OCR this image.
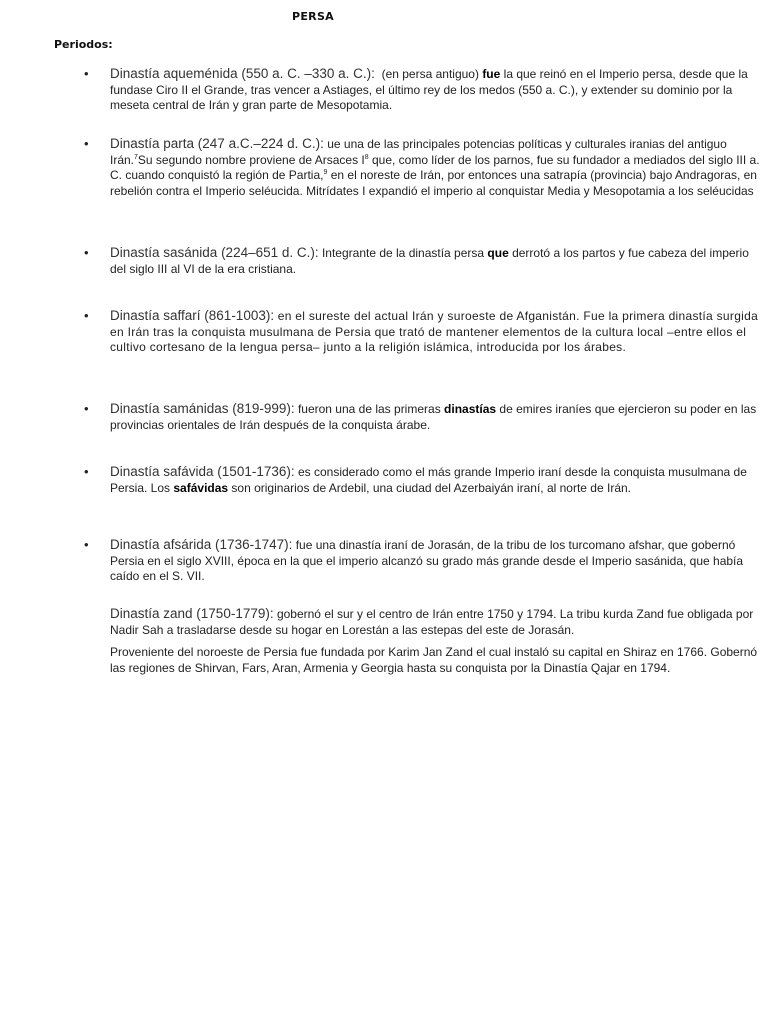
PERSA
Periodos:
• Dinastía aqueménida (550 a. C. –330 a. C.): (en persa antiguo) fue la que reinó en el Imperio persa, desde que la fundase Ciro II el Grande, tras vencer a Astiages, el último rey de los medos (550 a. C.), y extender su dominio por la meseta central de Irán y gran parte de Mesopotamia.
• Dinastía parta (247 a.C.–224 d. C.): ue una de las principales potencias políticas y culturales iranias del antiguo Irán.$^7$Su segundo nombre proviene de Arsaces $I^8$ que, como líder de los parnos, fue su fundador a mediados del siglo III a. C. cuando conquistó la región de Partia,$^9$ en el noreste de Irán, por entonces una satrapía (provincia) bajo Andragoras, en rebelión contra el Imperio seléucida. Mitrídates I expandió el imperio al conquistar Media y Mesopotamia a los seléucidas
• Dinastía sasánida (224–651 d. C.): Integrante de la dinastía persa que derrotó a los partos y fue cabeza del imperio del siglo III al VI de la era cristiana.
• Dinastía saffarí (861-1003): en el sureste del actual Irán y suroeste de Afganistán. Fue la primera dinastía surgida en Irán tras la conquista musulmana de Persia que trató de mantener elementos de la cultura local –entre ellos el cultivo cortesano de la lengua persa– junto a la religión islámica, introducida por los árabes.
• Dinastía samánidas (819-999): fueron una de las primeras dinastías de emires iraníes que ejercieron su poder en las provincias orientales de Irán después de la conquista árabe.
• Dinastía safávida (1501-1736): es considerado como el más grande Imperio iraní desde la conquista musulmana de Persia. Los safávidas son originarios de Ardebil, una ciudad del Azerbaiyán iraní, al norte de Irán.
• Dinastía afsárida (1736-1747): fue una dinastía iraní de Jorasán, de la tribu de los turcomano afshar, que gobernó Persia en el siglo XVIII, época en la que el imperio alcanzó su grado más grande desde el Imperio sasánida, que había caído en el S. VII.
Dinastía zand (1750-1779): gobernó el sur y el centro de Irán entre 1750 y 1794. La tribu kurda Zand fue obligada por Nadir Sah a trasladarse desde su hogar en Lorestán a las estepas del este de Jorasán.
Proveniente del noroeste de Persia fue fundada por Karim Jan Zand el cual instaló su capital en Shiraz en 1766. Gobernó las regiones de Shirvan, Fars, Aran, Armenia y Georgia hasta su conquista por la Dinastía Qajar en 1794.
